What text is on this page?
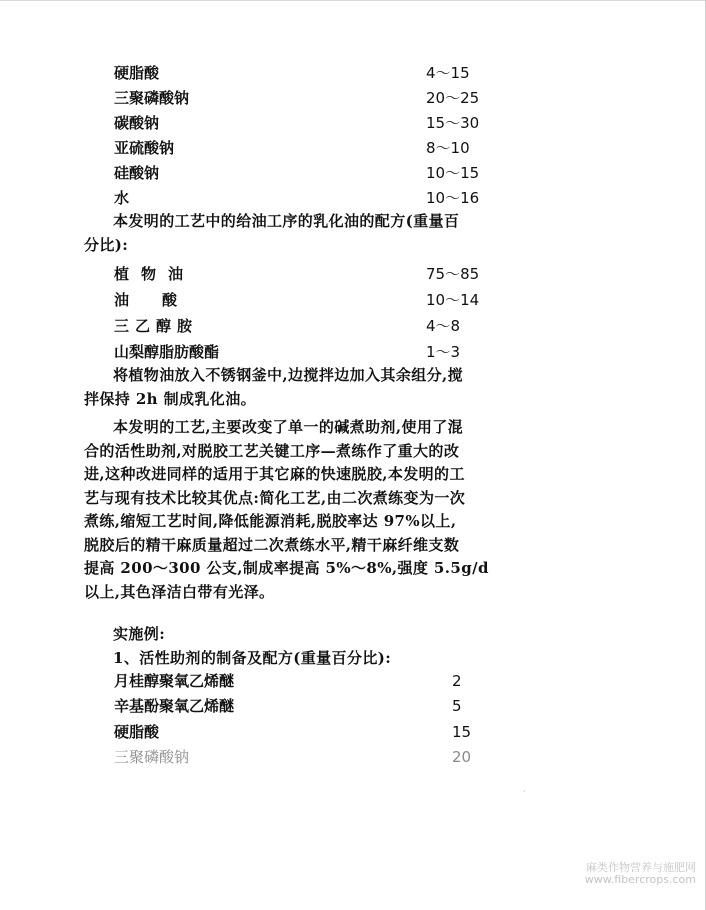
硬脂酸	4～15
三聚磷酸钠	20～25
碳酸钠	15～30
亚硫酸钠	8～10
硅酸钠	10～15
水	10～16
本发明的工艺中的给油工序的乳化油的配方(重量百
分比):
植物油	75～85
油酸	10～14
三乙醇胺	4～8
山梨醇脂肪酸酯	1～3
将植物油放入不锈钢釜中,边搅拌边加入其余组分,搅
拌保持 2h 制成乳化油。
本发明的工艺,主要改变了单一的碱煮助剂,使用了混
合的活性助剂,对脱胶工艺关键工序—煮练作了重大的改
进,这种改进同样的适用于其它麻的快速脱胶,本发明的工
艺与现有技术比较其优点:简化工艺,由二次煮练变为一次
煮练,缩短工艺时间,降低能源消耗,脱胶率达 97%以上,
脱胶后的精干麻质量超过二次煮练水平,精干麻纤维支数
提高 200～300 公支,制成率提高 5%～8%,强度 5.5g/d
以上,其色泽洁白带有光泽。
实施例:
1、活性助剂的制备及配方(重量百分比):
月桂醇聚氧乙烯醚	2
辛基酚聚氧乙烯醚	5
硬脂酸	15
三聚磷酸钠	20
·
麻类作物营养与施肥网
www.fibercrops.com
